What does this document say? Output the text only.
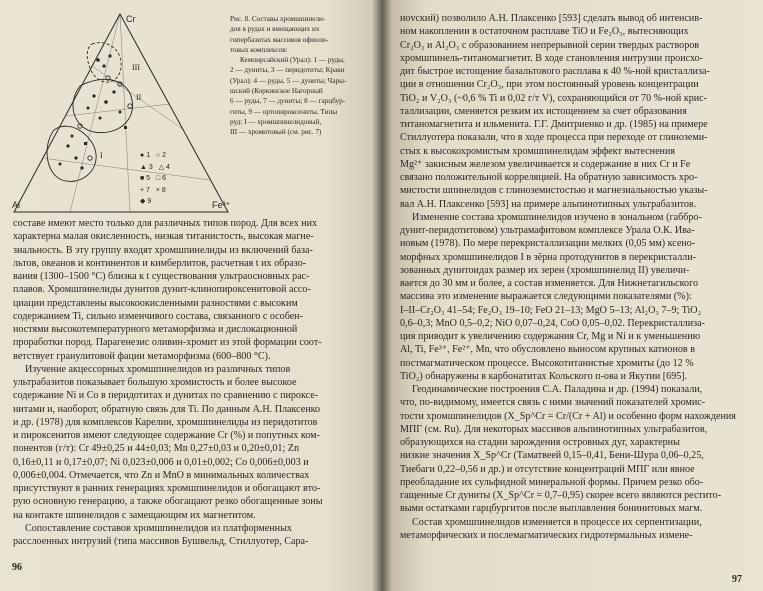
Cr
Al	Fe³⁺
I
II
III
● 1   ○ 2
▲ 3   △ 4
■ 5   □ 6
+ 7   × 8
◆ 9

Рис. 8. Составы хромшпинели-

дов в рудах и вмещающих их

гипербазитах массивов офиоли-

товых комплексов:

Кемпирсайский (Урал): 1 — руды,

2 — дуниты, 3 — перидотиты; Краки

(Урал): 4 — руды, 5 — дуниты; Чары-

шский (Коркинское Нагорный

6 — руды, 7 — дуниты; 8 — гарцбур-

гиты, 9 — ортопироксениты. Типы

руд: I — хромшпинелидовый,

III — хромитовый (см. рис. 7)

составе имеют место только для различных типов пород. Для всех них
характерна малая окисленность, низкая титанистость, высокая магне-
зиальность. В эту группу входят хромшпинелиды из включений база-
льтов, океанов и континентов и кимберлитов, расчетная t их образо-
вания (1300–1500 °C) близка к t существования ультраосновных рас-
плавов. Хромшпинелиды дунитов дунит-клинопироксенитовой ассо-
циации представлены высокоокисленными разностями с высоким
содержанием Ti, сильно изменчивого состава, связанного с особен-
ностями высокотемпературного метаморфизма и дислокационной
проработки пород. Парагенезис оливин-хромит из этой формации соот-
ветствует гранулитовой фации метаморфизма (600–800 °C).
Изучение акцессорных хромшпинелидов из различных типов
ультрабазитов показывает большую хромистость и более высокое
содержание Ni и Co в перидотитах и дунитах по сравнению с пироксе-
нитами и, наоборот, обратную связь для Ti. По данным А.Н. Плаксенко
и др. (1978) для комплексов Карелии, хромшпинелиды из перидотитов
и пироксенитов имеют следующее содержание Cr (%) и попутных ком-
понентов (г/т): Cr 49±0,25 и 44±0,03; Mn 0,27±0,03 и 0,20±0,01; Zn
0,16±0,11 и 0,17±0,07; Ni 0,023±0,006 и 0,01±0,002; Co 0,006±0,003 и
0,006±0,004. Отмечается, что Zn и MnO в минимальных количествах
присутствуют в ранних генерациях хромшпинелидов и обогащают вто-
рую основную генерацию, а также обогащают резко обогащенные зоны
на контакте шпинелидов с замещающим их магнетитом.
Сопоставление составов хромшпинелидов из платформенных
расслоенных интрузий (типа массивов Бушвельд, Стиллуотер, Сара-
96
нovский) позволило А.Н. Плаксенко [593] сделать вывод об интенсив-
ном накоплении в остаточном расплаве TiO и Fe₂O₃, вытесняющих
Cr₂O₃ и Al₂O₃ с образованием непрерывной серии твердых растворов
хромшпинель-титаномагнетит. В ходе становления интрузии происхо-
дит быстрое истощение базальтового расплава к 40 %-ной кристаллиза-
ции в отношении Cr₂O₃, при этом постоянный уровень концентрации
TiO₂ и V₂O₃ (~0,6 % Ti и 0,02 г/т V), сохраняющийся от 70 %-ной крис-
таллизации, сменяется резким их истощением за счет образования
титаномагнетита и ильменита. Г.Г. Дмитриенко и др. (1985) на примере
Стиллуотера показали, что в ходе процесса при переходе от глиноземи-
стых к высокохромистым хромшпинелидам эффект вытеснения
Mg²⁺ закисным железом увеличивается и содержание в них Cr и Fe
связано положительной корреляцией. На обратную зависимость хро-
мистости шпинелидов с глиноземистостью и магнезиальностью указы-
вал А.Н. Плаксенко [593] на примере альпинотипных ультрабазитов.
Изменение состава хромшпинелидов изучено в зональном (габбро-
дунит-перидотитовом) ультрамафитовом комплексе Урала О.К. Ива-
новым (1978). По мере перекристаллизации мелких (0,05 мм) ксено-
морфных хромшпинелидов I в зёрна протодунитов в перекристалли-
зованных дунитоидах размер их зерен (хромшпинелид II) увеличи-
вается до 30 мм и более, а состав изменяется. Для Нижнетагильского
массива это изменение выражается следующими показателями (%):
I–II–Cr₂O₃ 41–54; Fe₂O₃ 19–10; FeO 21–13; MgO 5–13; Al₂O₃ 7–9; TiO₂
0,6–0,3; MnO 0,5–0,2; NiO 0,07–0,24, CoO 0,05–0,02. Перекристаллиза-
ция приводит к увеличению содержания Cr, Mg и Ni и к уменьшению
Al, Ti, Fe³⁺, Fe²⁺, Mn, что обусловлено выносом крупных катионов в
постмагматическом процессе. Высокотитанистые хромиты (до 12 %
TiO₂) обнаружены в карбонатитах Кольского п-ова и Якутии [695].
Геодинамические построения С.А. Паладина и др. (1994) показали,
что, по-видимому, имеется связь с ними значений показателей хромис-
тости хромшпинелидов (X_Sp^Cr = Cr/(Cr + Al) и особенно форм нахождения
МПГ (см. Ru). Для некоторых массивов альпинотипных ультрабазитов,
образующихся на стадии зарождения островных дуг, характерны
низкие значения X_Sp^Cr (Таматвеей 0,15–0,41, Бени-Шура 0,06–0,25,
Тиебаги 0,22–0,56 и др.) и отсутствие концентраций МПГ или явное
преобладание их сульфидной минеральной формы. Причем резко обо-
гащенные Cr дуниты (X_Sp^Cr = 0,7–0,95) скорее всего являются реститo-
выми остатками гарцбургитов после выплавления бонинитовых магм.
Состав хромшпинелидов изменяется в процессе их серпентизации,
метаморфических и послемагматических гидротермальных измене-
97
